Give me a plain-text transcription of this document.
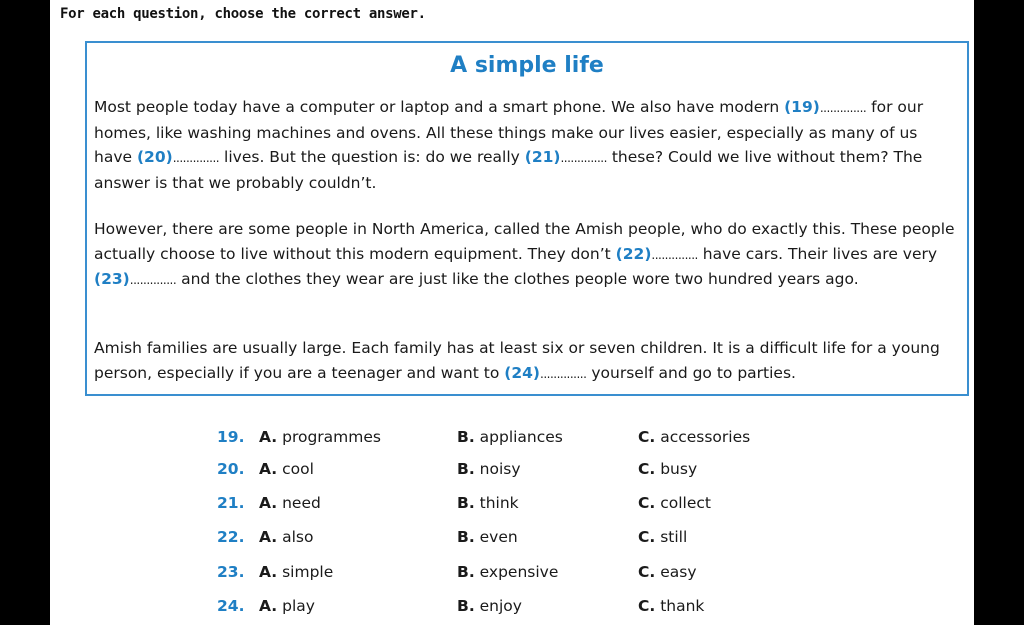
For each question, choose the correct answer.
A simple life

Most people today have a computer or laptop and a smart phone. We also have modern (19).............. for our homes, like washing machines and ovens. All these things make our lives easier, especially as many of us have (20).............. lives. But the question is: do we really (21).............. these? Could we live without them? The answer is that we probably couldn’t.

However, there are some people in North America, called the Amish people, who do exactly this. These people actually choose to live without this modern equipment. They don’t (22).............. have cars. Their lives are very (23).............. and the clothes they wear are just like the clothes people wore two hundred years ago.

Amish families are usually large. Each family has at least six or seven children. It is a difficult life for a young person, especially if you are a teenager and want to (24).............. yourself and go to parties.

19. A. programmes	B. appliances	C. accessories
20. A. cool	B. noisy	C. busy
21. A. need	B. think	C. collect
22. A. also	B. even	C. still
23. A. simple	B. expensive	C. easy
24. A. play	B. enjoy	C. thank
